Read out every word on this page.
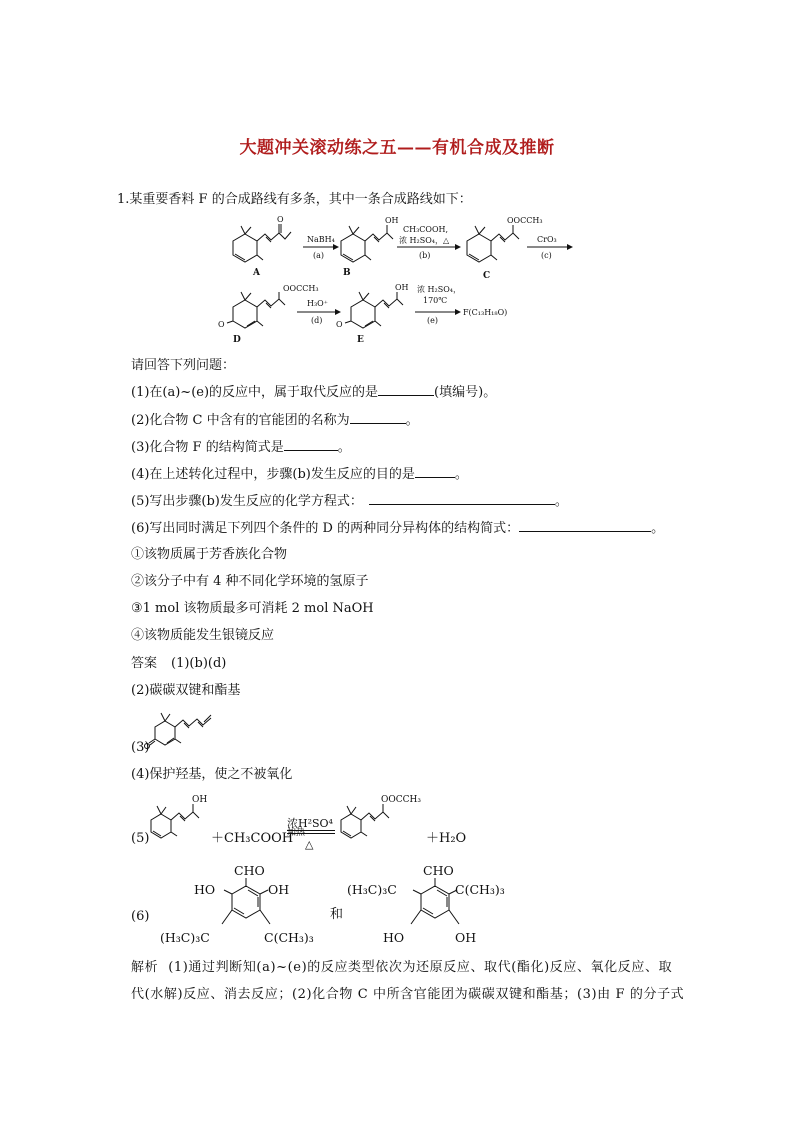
大题冲关滚动练之五——有机合成及推断
1.某重要香料 F 的合成路线有多条，其中一条合成路线如下：
O
A
NaBH₄
(a)
OH
B
CH₃COOH,
浓 H₂SO₄，△
(b)
OOCCH₃
C
CrO₃
(c)
O
OOCCH₃
D
H₃O⁺
(d) O
OH
E
浓 H₂SO₄，
170℃
(e)
F(C₁₃H₁₈O)
请回答下列问题：
(1)在(a)~(e)的反应中，属于取代反应的是	(填编号)。
(2)化合物 C 中含有的官能团的名称为	。
(3)化合物 F 的结构简式是	。
(4)在上述转化过程中，步骤(b)发生反应的目的是	。
(5)写出步骤(b)发生反应的化学方程式：	。
(6)写出同时满足下列四个条件的 D 的两种同分异构体的结构简式：	。
①该物质属于芳香族化合物
②该分子中有 4 种不同化学环境的氢原子
③1 mol 该物质最多可消耗 2 mol NaOH
④该物质能发生银镜反应
答案 (1)(b)(d)
(2)碳碳双键和酯基
(3)
(4)保护羟基，使之不被氧化
(5)
OH
＋CH₃COOH
浓H²SO⁴
加热
△
OOCCH₃
＋H₂O
(6)
CHO
HO	OH
(H₃C)₃C	C(CH₃)₃
和
CHO
(H₃C)₃C	C(CH₃)₃
HO	OH
解析 (1)通过判断知(a)~(e)的反应类型依次为还原反应、取代(酯化)反应、氧化反应、取
代(水解)反应、消去反应；(2)化合物 C 中所含官能团为碳碳双键和酯基；(3)由 F 的分子式
